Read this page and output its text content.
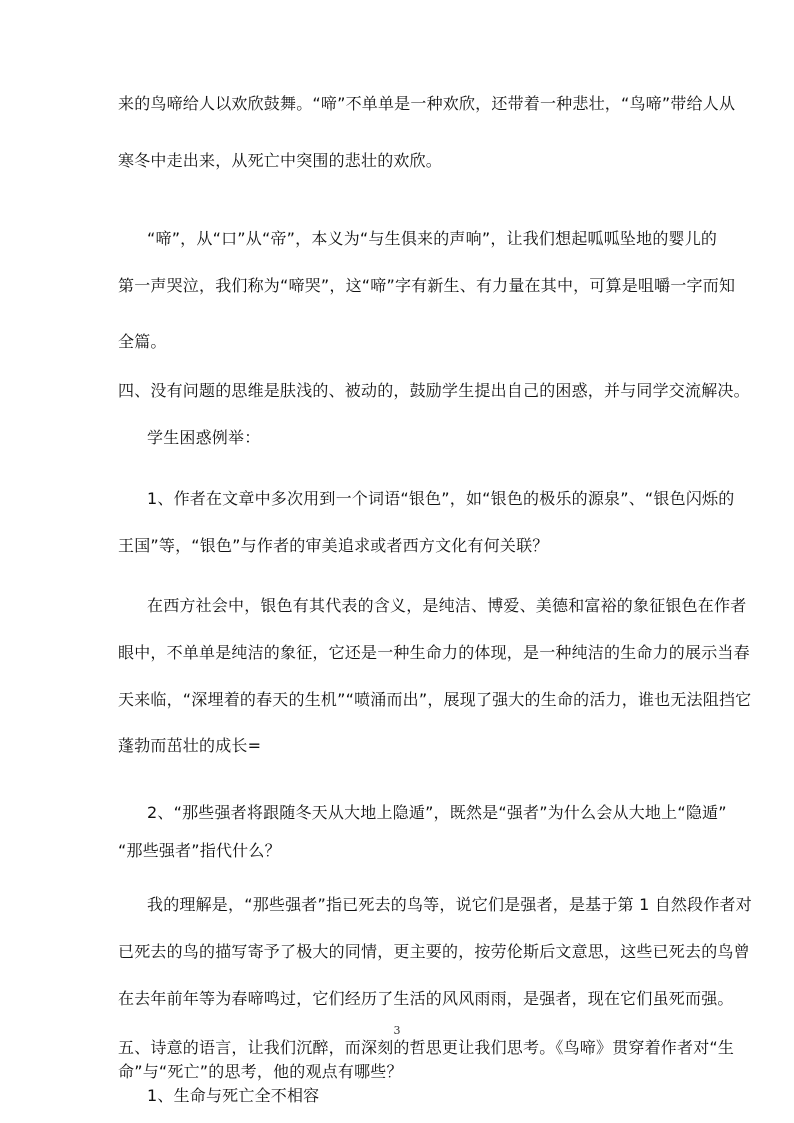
来的鸟啼给人以欢欣鼓舞。“啼”不单单是一种欢欣，还带着一种悲壮，“鸟啼”带给人从
寒冬中走出来，从死亡中突围的悲壮的欢欣。
“啼”，从“口”从“帝”，本义为“与生俱来的声响”，让我们想起呱呱坠地的婴儿的
第一声哭泣，我们称为“啼哭”，这“啼”字有新生、有力量在其中，可算是咀嚼一字而知
全篇。
四、没有问题的思维是肤浅的、被动的，鼓励学生提出自己的困惑，并与同学交流解决。
学生困惑例举：
1、作者在文章中多次用到一个词语“银色”，如“银色的极乐的源泉”、“银色闪烁的
王国”等，“银色”与作者的审美追求或者西方文化有何关联？
在西方社会中，银色有其代表的含义，是纯洁、博爱、美德和富裕的象征银色在作者
眼中，不单单是纯洁的象征，它还是一种生命力的体现，是一种纯洁的生命力的展示当春
天来临，“深埋着的春天的生机”“喷涌而出”，展现了强大的生命的活力，谁也无法阻挡它
蓬勃而茁壮的成长=
2、“那些强者将跟随冬天从大地上隐遁”，既然是“强者”为什么会从大地上“隐遁”
“那些强者”指代什么？
我的理解是，“那些强者”指已死去的鸟等，说它们是强者，是基于第 1 自然段作者对
已死去的鸟的描写寄予了极大的同情，更主要的，按劳伦斯后文意思，这些已死去的鸟曾
在去年前年等为春啼鸣过，它们经历了生活的风风雨雨，是强者，现在它们虽死而强。
3
五、诗意的语言，让我们沉醉，而深刻的哲思更让我们思考。《鸟啼》贯穿着作者对“生
命”与“死亡”的思考，他的观点有哪些？
1、生命与死亡全不相容
